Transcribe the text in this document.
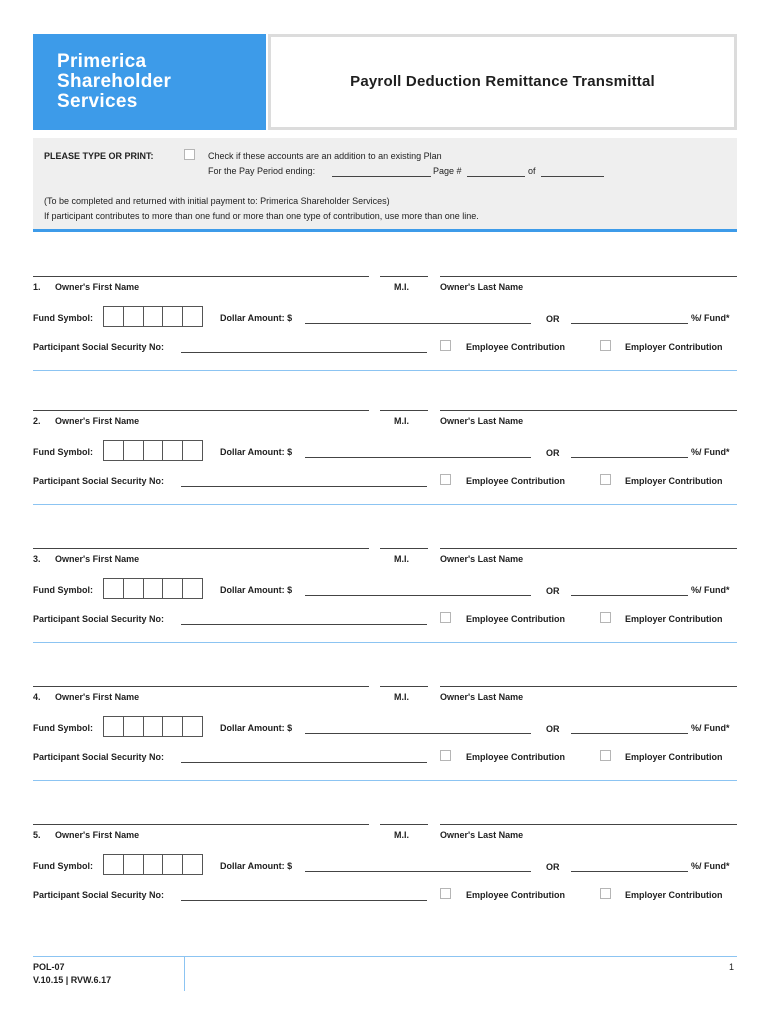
Primerica
Shareholder
Services
Payroll Deduction Remittance Transmittal
PLEASE TYPE OR PRINT:	Check if these accounts are an addition to an existing Plan
For the Pay Period ending:	Page #	of
(To be completed and returned with initial payment to: Primerica Shareholder Services)
If participant contributes to more than one fund or more than one type of contribution, use more than one line.
1. Owner's First Name	M.I.	Owner's Last Name
Fund Symbol:	Dollar Amount: $	OR	%/ Fund*
Participant Social Security No:	Employee Contribution	Employer Contribution
2. Owner's First Name	M.I.	Owner's Last Name
Fund Symbol:	Dollar Amount: $	OR	%/ Fund*
Participant Social Security No:	Employee Contribution	Employer Contribution
3. Owner's First Name	M.I.	Owner's Last Name
Fund Symbol:	Dollar Amount: $	OR	%/ Fund*
Participant Social Security No:	Employee Contribution	Employer Contribution
4. Owner's First Name	M.I.	Owner's Last Name
Fund Symbol:	Dollar Amount: $	OR	%/ Fund*
Participant Social Security No:	Employee Contribution	Employer Contribution
5. Owner's First Name	M.I.	Owner's Last Name
Fund Symbol:	Dollar Amount: $	OR	%/ Fund*
Participant Social Security No:	Employee Contribution	Employer Contribution
POL-07
V.10.15 | RVW.6.17
1
